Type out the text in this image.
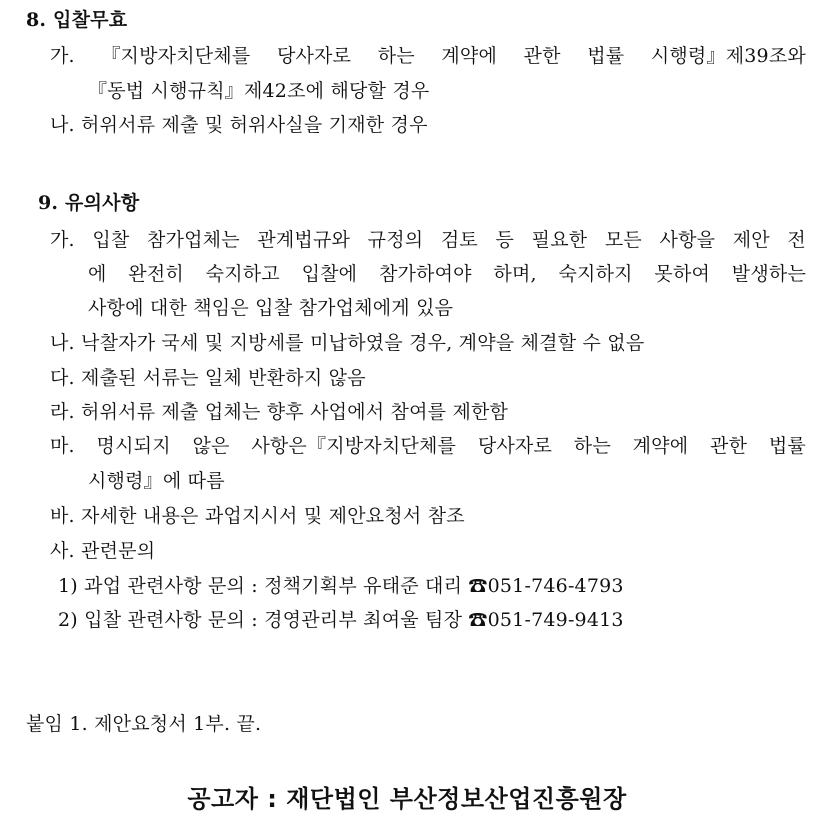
8. 입찰무효
가. 『지방자치단체를 당사자로 하는 계약에 관한 법률 시행령』제39조와
『동법 시행규칙』제42조에 해당할 경우
나. 허위서류 제출 및 허위사실을 기재한 경우
9. 유의사항
가. 입찰 참가업체는 관계법규와 규정의 검토 등 필요한 모든 사항을 제안 전
에 완전히 숙지하고 입찰에 참가하여야 하며, 숙지하지 못하여 발생하는
사항에 대한 책임은 입찰 참가업체에게 있음
나. 낙찰자가 국세 및 지방세를 미납하였을 경우, 계약을 체결할 수 없음
다. 제출된 서류는 일체 반환하지 않음
라. 허위서류 제출 업체는 향후 사업에서 참여를 제한함
마. 명시되지 않은 사항은『지방자치단체를 당사자로 하는 계약에 관한 법률
시행령』에 따름
바. 자세한 내용은 과업지시서 및 제안요청서 참조
사. 관련문의
1) 과업 관련사항 문의 : 정책기획부 유태준 대리 ☎051-746-4793
2) 입찰 관련사항 문의 : 경영관리부 최여울 팀장 ☎051-749-9413
붙임 1. 제안요청서 1부. 끝.
공고자 : 재단법인 부산정보산업진흥원장
